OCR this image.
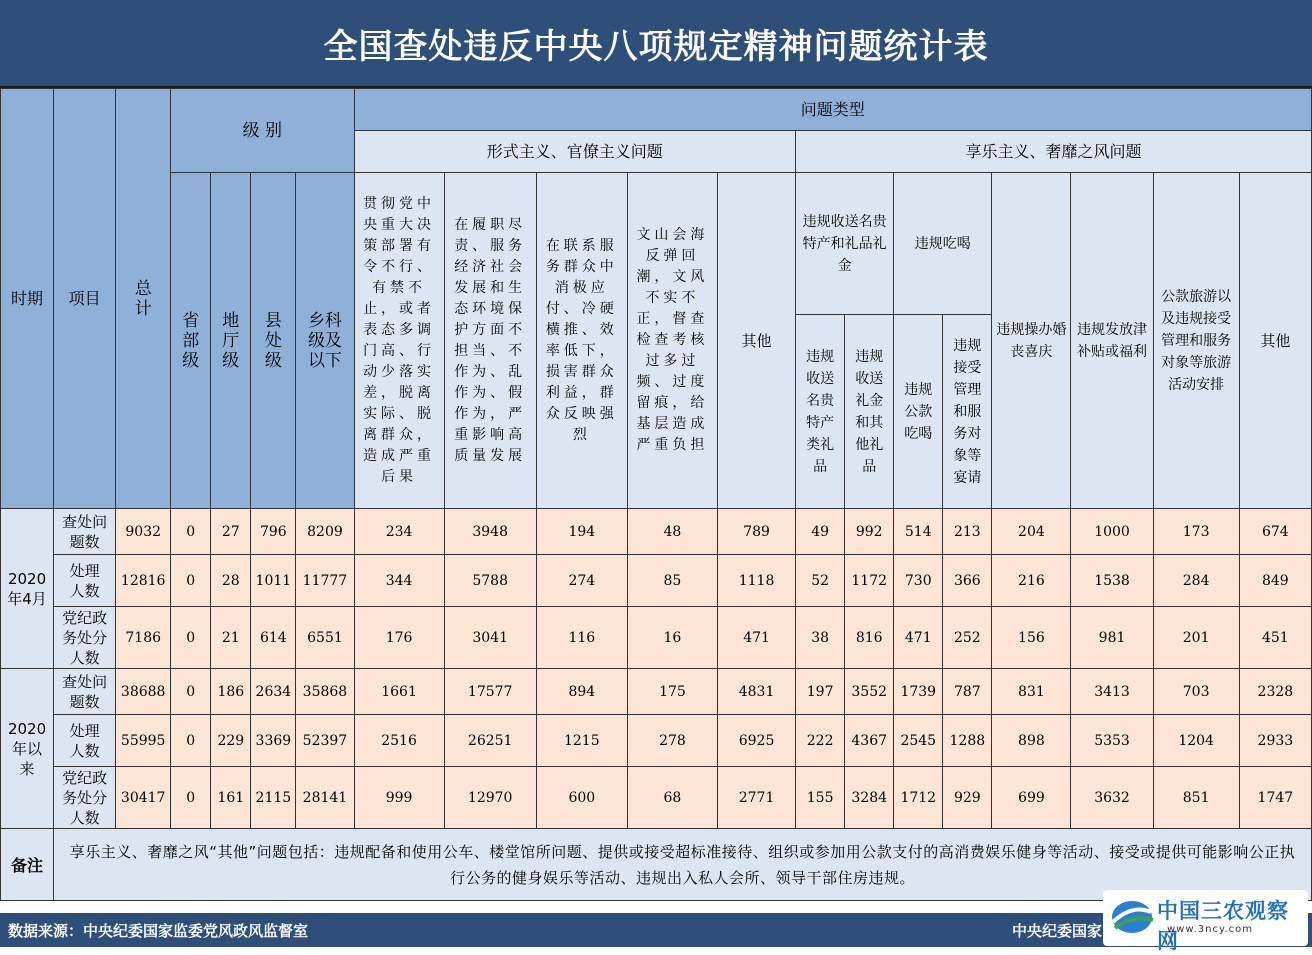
全国查处违反中央八项规定精神问题统计表
时期	项目	总计	级 别				问题类型												
							形式主义、官僚主义问题					享乐主义、奢靡之风问题							
			省部级	地厅级	县处级	乡科级及以下	贯彻党中央重大决策部署有令不行、有禁不止，或者表态多调门高、行动少落实差，脱离实际、脱离群众，造成严重后果	在履职尽责、服务经济社会发展和生态环境保护方面不担当、不作为、乱作为、假作为，严重影响高质量发展	在联系服务群众中消极应付、冷硬横推、效率低下，损害群众利益，群众反映强烈	文山会海反弹回潮，文风不实不正，督查检查考核过多过频、过度留痕，给基层造成严重负担	其他	违规收送名贵特产和礼品礼金		违规吃喝		违规操办婚丧喜庆	违规发放津补贴或福利	公款旅游以及违规接受管理和服务对象等旅游活动安排	其他
												违规收送名贵特产类礼品	违规收送礼金和其他礼品	违规公款吃喝	违规接受管理和服务对象等宴请				

2020年4月	查处问题数	9032	0	27	796	8209	234	3948	194	48	789	49	992	514	213	204	1000	173	674
	处理人数	12816	0	28	1011	11777	344	5788	274	85	1118	52	1172	730	366	216	1538	284	849
	党纪政务处分人数	7186	0	21	614	6551	176	3041	116	16	471	38	816	471	252	156	981	201	451
2020年以来	查处问题数	38688	0	186	2634	35868	1661	17577	894	175	4831	197	3552	1739	787	831	3413	703	2328
	处理人数	55995	0	229	3369	52397	2516	26251	1215	278	6925	222	4367	2545	1288	898	5353	1204	2933
	党纪政务处分人数	30417	0	161	2115	28141	999	12970	600	68	2771	155	3284	1712	929	699	3632	851	1747
备注	享乐主义、奢靡之风“其他”问题包括：违规配备和使用公车、楼堂馆所问题、提供或接受超标准接待、组织或参加用公款支付的高消费娱乐健身等活动、接受或提供可能影响公正执行公务的健身娱乐等活动、违规出入私人会所、领导干部住房违规。																		
数据来源：中央纪委国家监委党风政风监督室	中央纪委国家
中国三农观察网
www.3ncy.com
